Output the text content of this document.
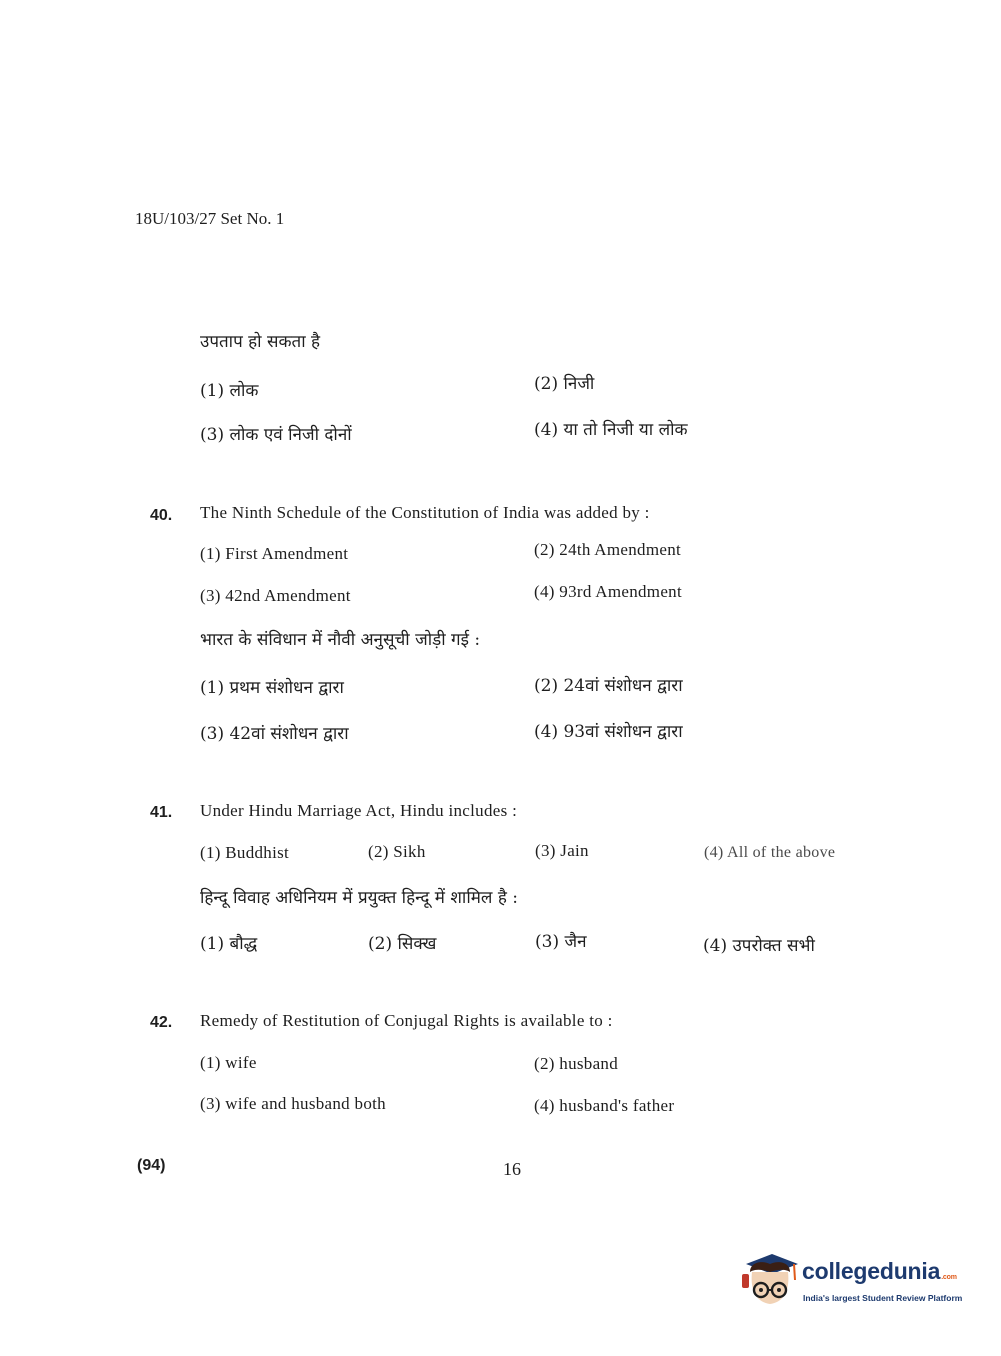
18U/103/27 Set No. 1
उपताप हो सकता है
(1) लोक	(2) निजी
(3) लोक एवं निजी दोनों	(4) या तो निजी या लोक
40. The Ninth Schedule of the Constitution of India was added by :
(1) First Amendment	(2) 24th Amendment
(3) 42nd Amendment	(4) 93rd Amendment
भारत के संविधान में नौवी अनुसूची जोड़ी गई :
(1) प्रथम संशोधन द्वारा	(2) 24वां संशोधन द्वारा
(3) 42वां संशोधन द्वारा	(4) 93वां संशोधन द्वारा
41. Under Hindu Marriage Act, Hindu includes :
(1) Buddhist	(2) Sikh	(3) Jain	(4) All of the above
हिन्दू विवाह अधिनियम में प्रयुक्त हिन्दू में शामिल है :
(1) बौद्ध	(2) सिक्ख	(3) जैन	(4) उपरोक्त सभी
42. Remedy of Restitution of Conjugal Rights is available to :
(1) wife	(2) husband
(3) wife and husband both	(4) husband's father
(94)	16
collegedunia.com
India's largest Student Review Platform
